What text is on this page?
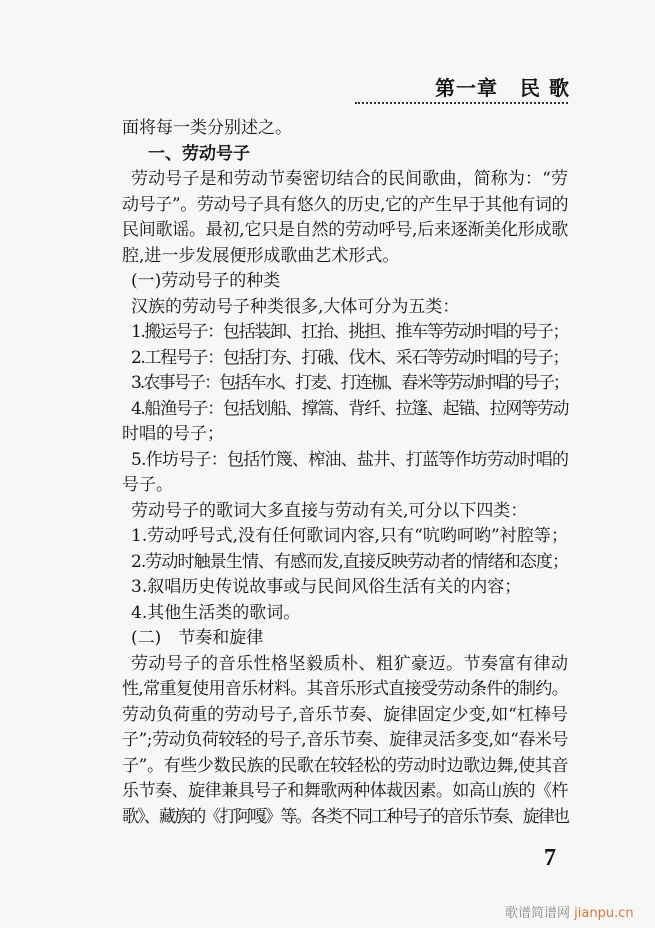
第一章 民 歌
面将每一类分别述之。
一、劳动号子
劳动号子是和劳动节奏密切结合的民间歌曲，简称为：“劳
动号子”。劳动号子具有悠久的历史,它的产生早于其他有词的
民间歌谣。最初,它只是自然的劳动呼号,后来逐渐美化形成歌
腔,进一步发展便形成歌曲艺术形式。
(一)劳动号子的种类
汉族的劳动号子种类很多,大体可分为五类：
1.搬运号子：包括装卸、扛抬、挑担、推车等劳动时唱的号子；
2.工程号子：包括打夯、打硪、伐木、采石等劳动时唱的号子；
3.农事号子：包括车水、打麦、打连枷、舂米等劳动时唱的号子；
4.船渔号子：包括划船、撑篙、背纤、拉篷、起锚、拉网等劳动
时唱的号子；
5.作坊号子：包括竹篾、榨油、盐井、打蓝等作坊劳动时唱的
号子。
劳动号子的歌词大多直接与劳动有关,可分以下四类：
1.劳动呼号式,没有任何歌词内容,只有“吭哟呵哟”衬腔等；
2.劳动时触景生情、有感而发,直接反映劳动者的情绪和态度；
3.叙唱历史传说故事或与民间风俗生活有关的内容；
4.其他生活类的歌词。
(二)　节奏和旋律
劳动号子的音乐性格坚毅质朴、粗犷豪迈。节奏富有律动
性,常重复使用音乐材料。其音乐形式直接受劳动条件的制约。
劳动负荷重的劳动号子,音乐节奏、旋律固定少变,如“杠棒号
子”;劳动负荷较轻的号子,音乐节奏、旋律灵活多变,如“舂米号
子”。有些少数民族的民歌在较轻松的劳动时边歌边舞,使其音
乐节奏、旋律兼具号子和舞歌两种体裁因素。如高山族的《杵
歌》、藏族的《打阿嘎》等。各类不同工种号子的音乐节奏、旋律也
7
歌谱简谱网 jianpu.cn
